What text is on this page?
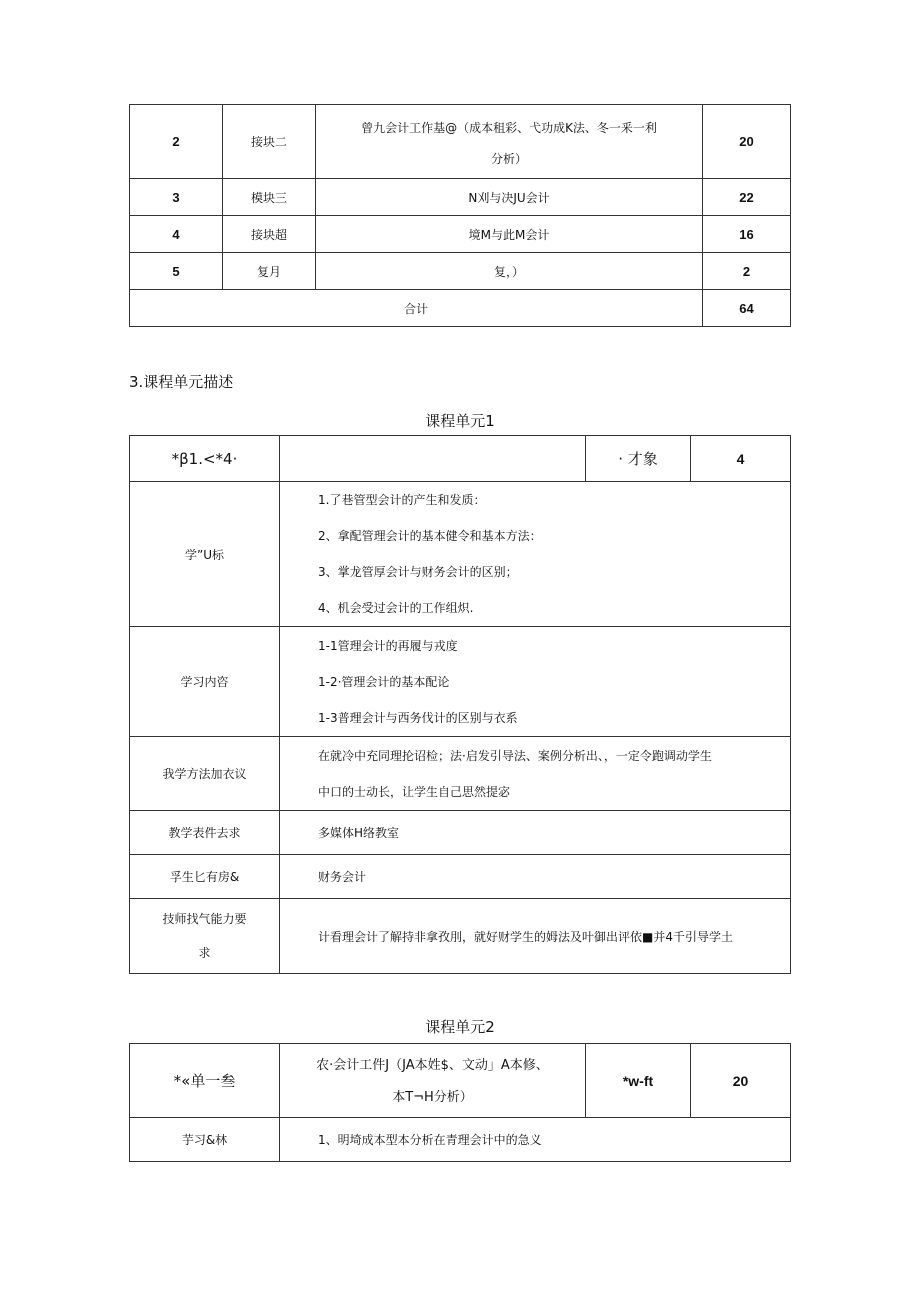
2	接块二	曾九会计工作基@（成本租彩、弋功成K法、冬一釆一利
分析）	20
3	模块三	N刈与决JU会计	22
4	接块超	境M与此M会计	16
5	复月	复，）	2
合计			64
3.课程单元描述
课程单元1
*β1.<*4·		· 才象	4
学”U标	1.了巷管型会计的产生和发质：
2、拿配管理会计的基本健令和基本方法：
3、掌龙管厚会计与财务会计的区别；
4、机会受过会计的工作组炽.		

学习内咨	1-1管理会计的再履与戎度
1-2·管理会计的基本配论
1-3普理会计与西务伐计的区别与衣系		

我学方法加衣议	在就冷中充同理抡诏检；法·启发引导法、案例分析出、，一定令跑调动学生
中口的士动长，让学生自己思然提宓		

教学表件去求	多媒体H络教室		
孚生匕有房&	财务会计		

技师找气能力要
求	计看理会计了解持非拿孜刖，就好财学生的姆法及叶御出评依■并4千引导学土		
课程单元2
*«单一叁	农·会计工件J（JA本姓$、文动」A本修、
本T¬H分析）	*w-ft	20
芋习&林	1、明埼成本型本分析在青理会计中的急义		
